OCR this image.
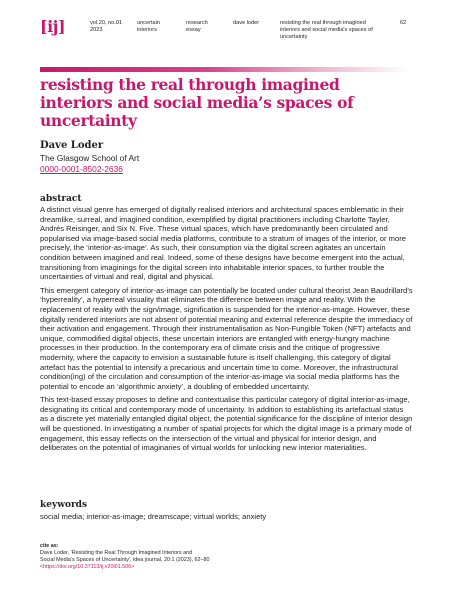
[ij]	vol.20, no.01
2023
uncertain
interiors
research
essay
dave loder	resisting the real through imagined interiors and social media's spaces of uncertainty
62
resisting the real through imagined interiors and social media’s spaces of uncertainty
Dave Loder
The Glasgow School of Art
0000-0001-8502-2636
abstract

A distinct visual genre has emerged of digitally realised interiors and architectural spaces emblematic in their dreamlike, surreal, and imagined condition, exemplified by digital practitioners including Charlotte Tayler, Andrés Reisinger, and Six N. Five. These virtual spaces, which have predominantly been circulated and popularised via image-based social media platforms, contribute to a stratum of images of the interior, or more precisely, the ‘interior-as-image’. As such, their consumption via the digital screen agitates an uncertain condition between imagined and real. Indeed, some of these designs have become emergent into the actual, transitioning from imaginings for the digital screen into inhabitable interior spaces, to further trouble the uncertainties of virtual and real, digital and physical.

This emergent category of interior-as-image can potentially be located under cultural theorist Jean Baudrillard’s ‘hyperreality’, a hyperreal visuality that eliminates the difference between image and reality. With the replacement of reality with the sign/image, signification is suspended for the interior-as-image. However, these digitally rendered interiors are not absent of potential meaning and external reference despite the immediacy of their activation and engagement. Through their instrumentalisation as Non-Fungible Token (NFT) artefacts and unique, commodified digital objects, these uncertain interiors are entangled with energy-hungry machine processes in their production. In the contemporary era of climate crisis and the critique of progressive modernity, where the capacity to envision a sustainable future is itself challenging, this category of digital artefact has the potential to intensify a precarious and uncertain time to come. Moreover, the infrastructural condition(ing) of the circulation and consumption of the interior-as-image via social media platforms has the potential to encode an ‘algorithmic anxiety’, a doubling of embedded uncertainty.

This text-based essay proposes to define and contextualise this particular category of digital interior-as-image, designating its critical and contemporary mode of uncertainty. In addition to establishing its artefactual status as a discrete yet materially entangled digital object, the potential significance for the discipline of interior design will be questioned. In investigating a number of spatial projects for which the digital image is a primary mode of engagement, this essay reflects on the intersection of the virtual and physical for interior design, and deliberates on the potential of imaginaries of virtual worlds for unlocking new interior materialities.

keywords
social media; interior-as-image; dreamscape; virtual worlds; anxiety
cite as:
Dave Loder, ‘Resisting the Real Through Imagined Interiors and
Social Media’s Spaces of Uncertainty’, idea journal, 20:1 (2023), 62–80
<https://doi.org/10.37113/ij.v20i01.506>
